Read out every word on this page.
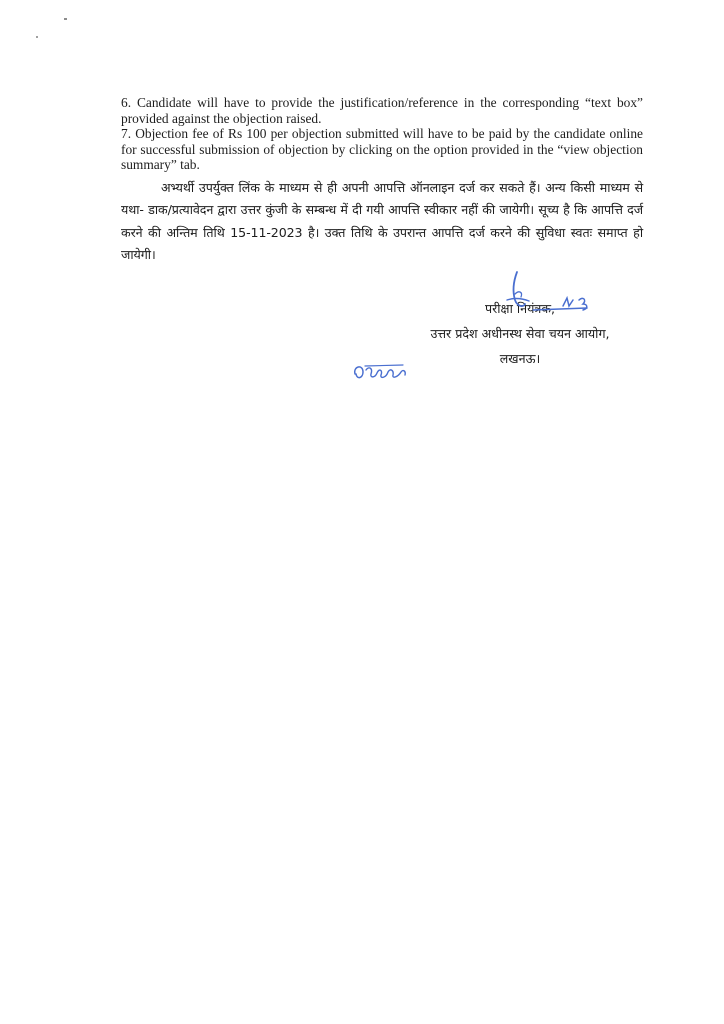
6. Candidate will have to provide the justification/reference in the corresponding “text box” provided against the objection raised.

7. Objection fee of Rs 100 per objection submitted will have to be paid by the candidate online for successful submission of objection by clicking on the option provided in the “view objection summary” tab.

अभ्यर्थी उपर्युक्त लिंक के माध्यम से ही अपनी आपत्ति ऑनलाइन दर्ज कर सकते हैं। अन्य किसी माध्यम से यथा- डाक/प्रत्यावेदन द्वारा उत्तर कुंजी के सम्बन्ध में दी गयी आपत्ति स्वीकार नहीं की जायेगी। सूच्य है कि आपत्ति दर्ज करने की अन्तिम तिथि 15-11-2023 है। उक्त तिथि के उपरान्त आपत्ति दर्ज करने की सुविधा स्वतः समाप्त हो जायेगी।

परीक्षा नियंत्रक,
उत्तर प्रदेश अधीनस्थ सेवा चयन आयोग,
लखनऊ।
